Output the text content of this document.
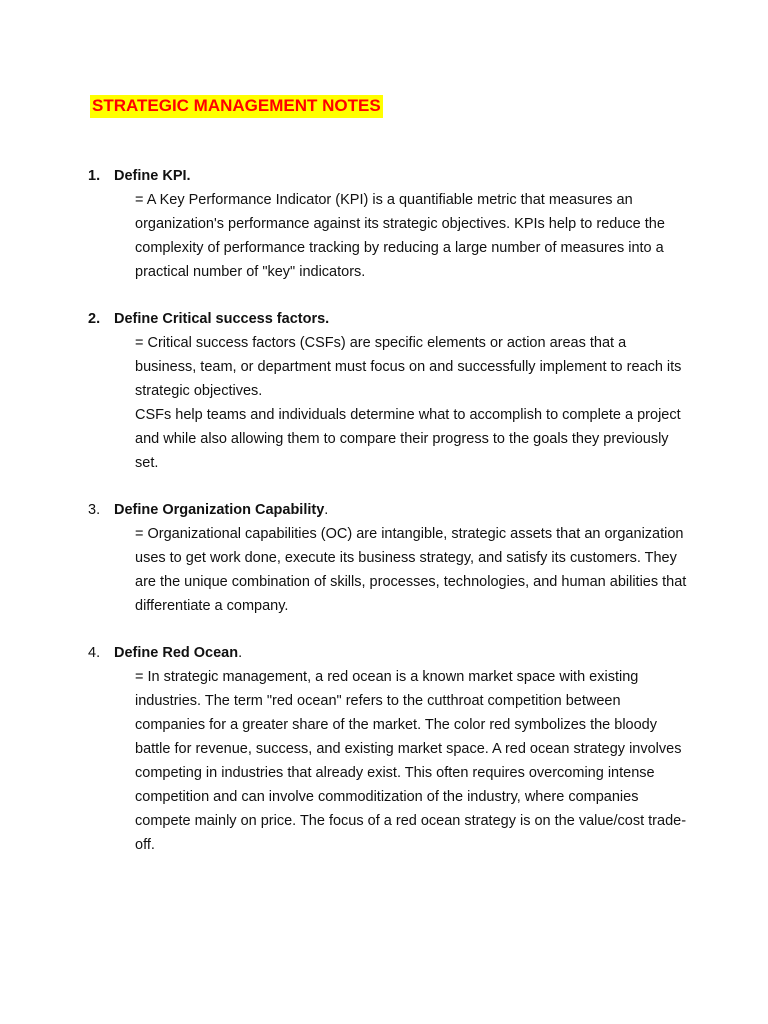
STRATEGIC MANAGEMENT NOTES
1. Define KPI.

= A Key Performance Indicator (KPI) is a quantifiable metric that measures an organization's performance against its strategic objectives. KPIs help to reduce the complexity of performance tracking by reducing a large number of measures into a practical number of "key" indicators.

2. Define Critical success factors.

= Critical success factors (CSFs) are specific elements or action areas that a business, team, or department must focus on and successfully implement to reach its strategic objectives.

CSFs help teams and individuals determine what to accomplish to complete a project and while also allowing them to compare their progress to the goals they previously set.

3. Define Organization Capability .

= Organizational capabilities (OC) are intangible, strategic assets that an organization uses to get work done, execute its business strategy, and satisfy its customers. They are the unique combination of skills, processes, technologies, and human abilities that differentiate a company.

4. Define Red Ocean .

= In strategic management, a red ocean is a known market space with existing industries. The term "red ocean" refers to the cutthroat competition between companies for a greater share of the market. The color red symbolizes the bloody battle for revenue, success, and existing market space. A red ocean strategy involves competing in industries that already exist. This often requires overcoming intense competition and can involve commoditization of the industry, where companies compete mainly on price. The focus of a red ocean strategy is on the value/cost trade-off.
